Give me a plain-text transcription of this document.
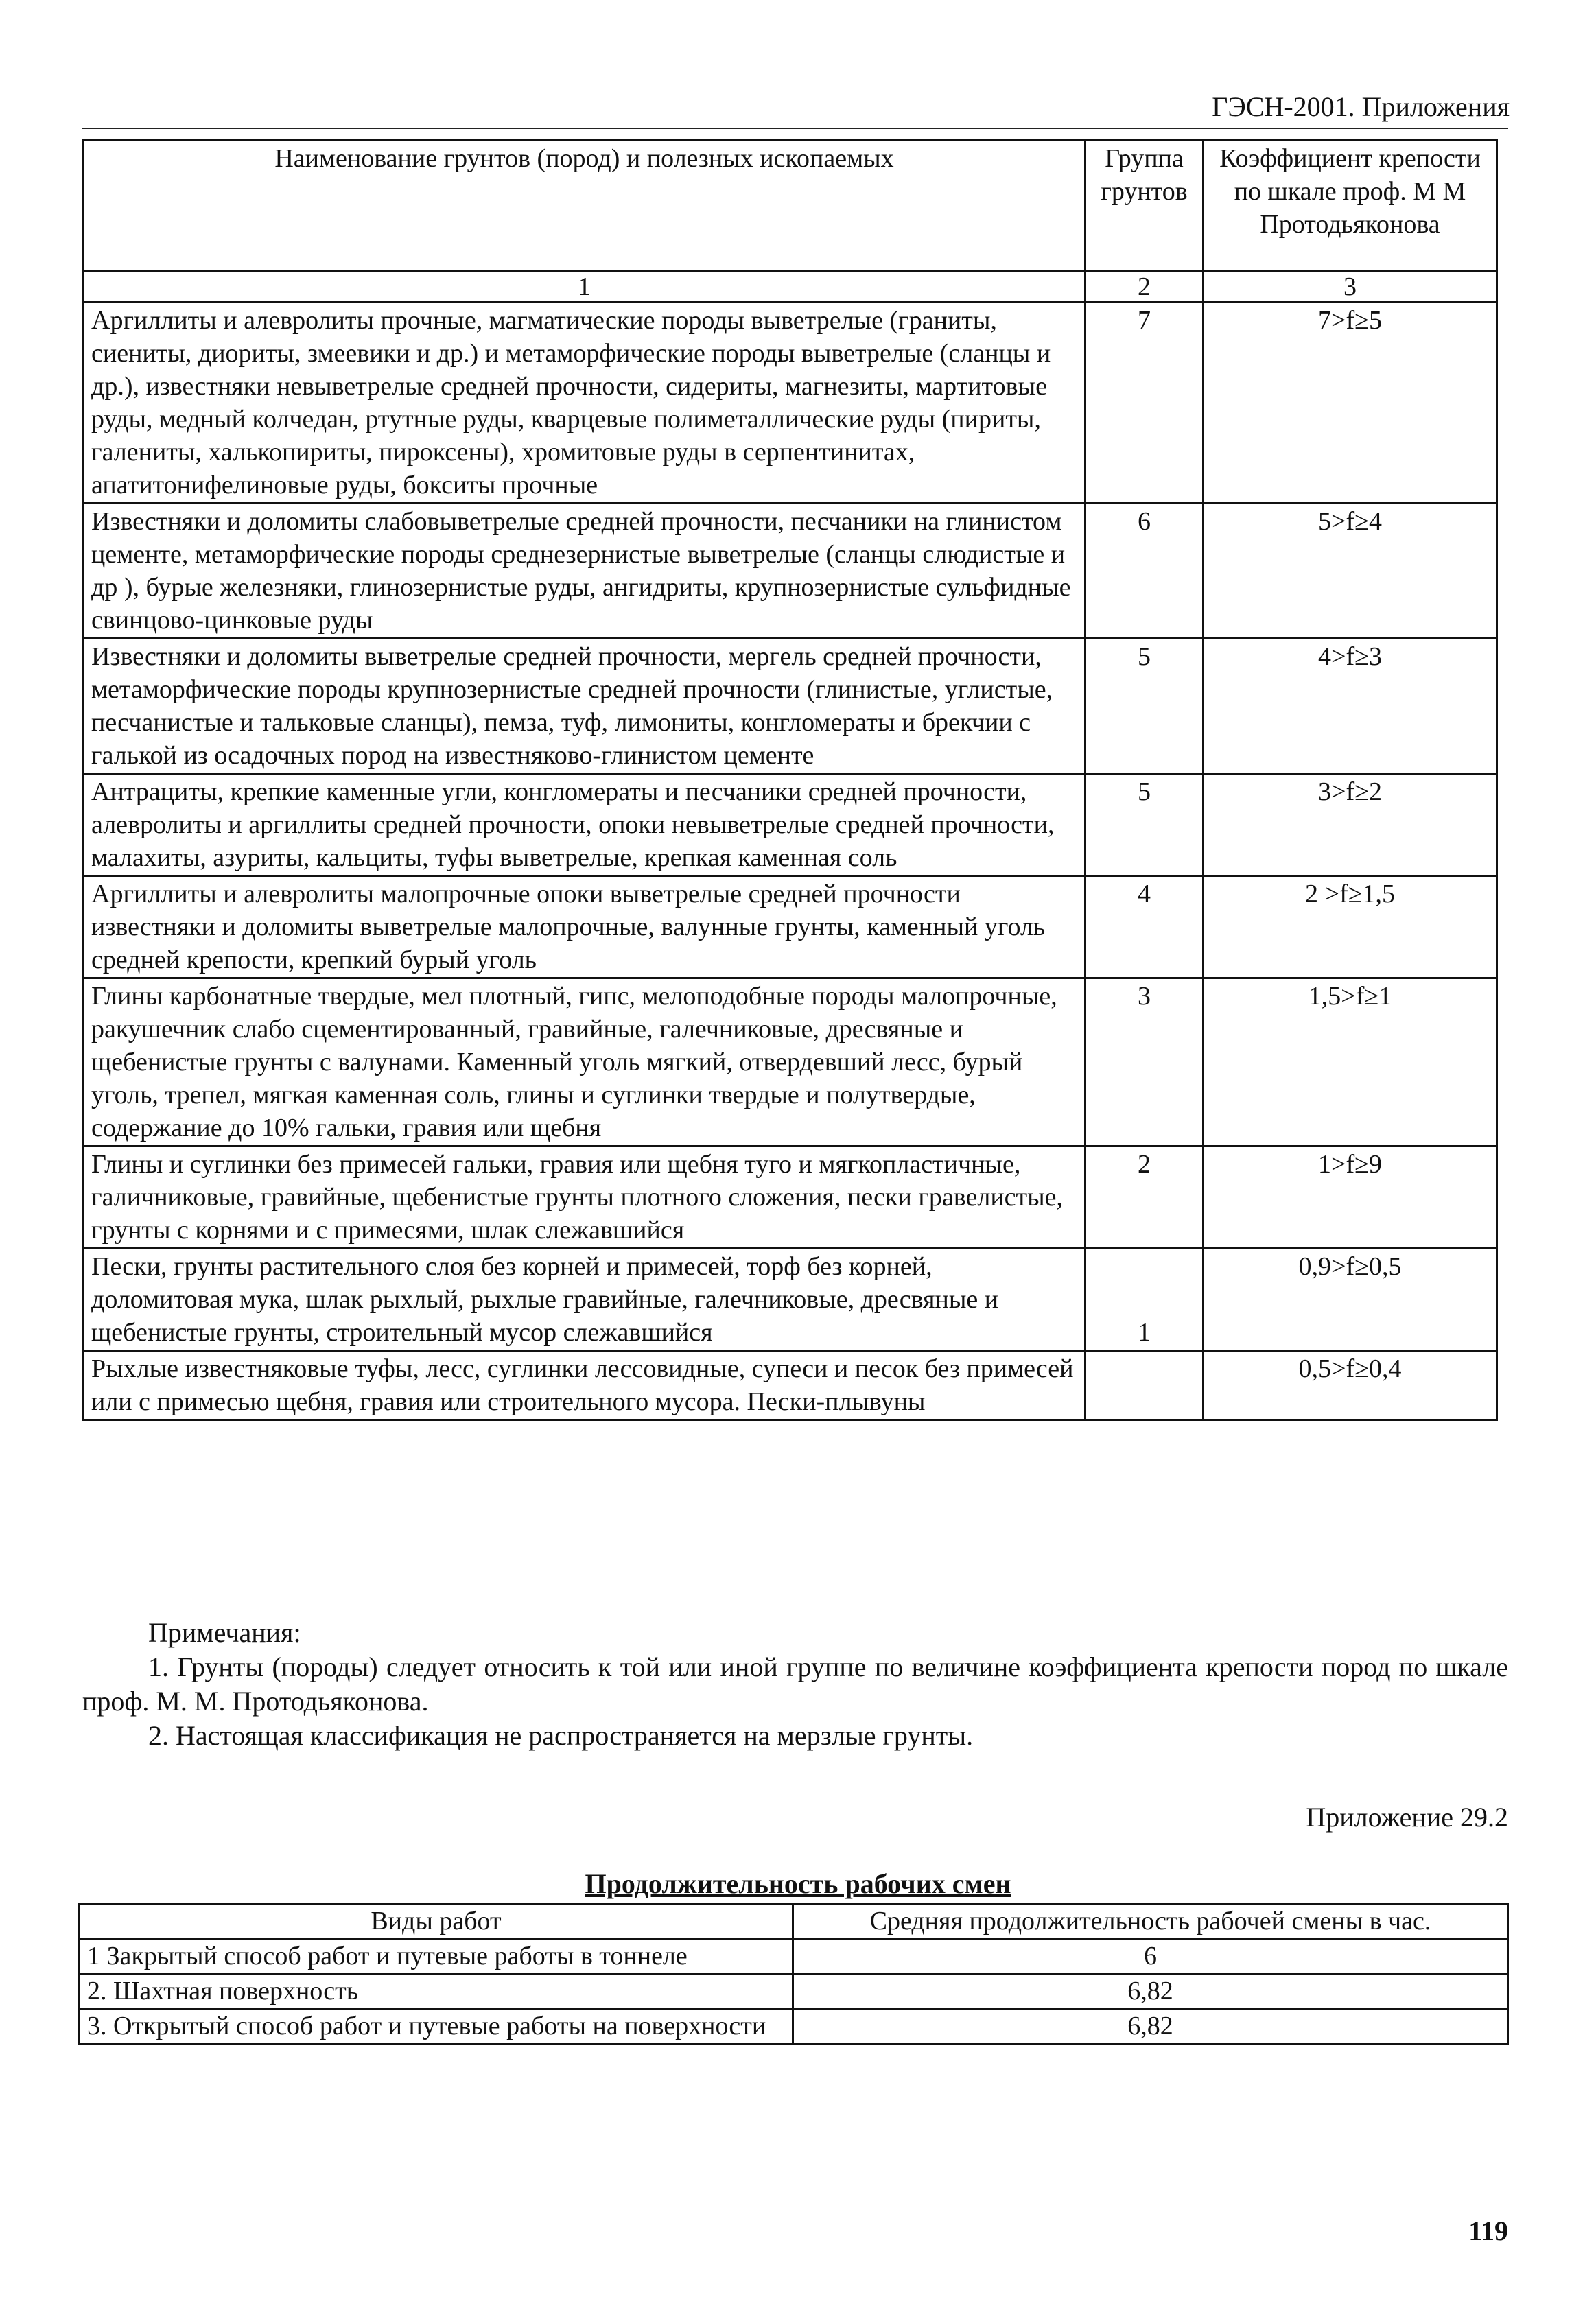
ГЭСН-2001. Приложения
Наименование грунтов (пород) и полезных ископаемых	Группа грунтов	Коэффициент крепости по шкале проф. М М Протодьяконова
1	2	3
Аргиллиты и алевролиты прочные, магматические породы выветрелые (граниты, сиениты, диориты, змеевики и др.) и метаморфические породы выветрелые (сланцы и др.), известняки невыветрелые средней прочности, сидериты, магнезиты, мартитовые руды, медный колчедан, ртутные руды, кварцевые полиметаллические руды (пириты, галениты, халькопириты, пироксены), хромитовые руды в серпентинитах, апатитонифелиновые руды, бокситы прочные	7	7>f≥5
Известняки и доломиты слабовыветрелые средней прочности, песчаники на глинистом цементе, метаморфические породы среднезернистые выветрелые (сланцы слюдистые и др ), бурые железняки, глинозернистые руды, ангидриты, крупнозернистые сульфидные свинцово-цинковые руды	6	5>f≥4
Известняки и доломиты выветрелые средней прочности, мергель средней прочности, метаморфические породы крупнозернистые средней прочности (глинистые, углистые, песчанистые и тальковые сланцы), пемза, туф, лимониты, конгломераты и брекчии с галькой из осадочных пород на известняково-глинистом цементе	5	4>f≥3
Антрациты, крепкие каменные угли, конгломераты и песчаники средней прочности, алевролиты и аргиллиты средней прочности, опоки невыветрелые средней прочности, малахиты, азуриты, кальциты, туфы выветрелые, крепкая каменная соль	5	3>f≥2
Аргиллиты и алевролиты малопрочные опоки выветрелые средней прочности известняки и доломиты выветрелые малопрочные, валунные грунты, каменный уголь средней крепости, крепкий бурый уголь	4	2 >f≥1,5
Глины карбонатные твердые, мел плотный, гипс, мелоподобные породы малопрочные, ракушечник слабо сцементированный, гравийные, галечниковые, дресвяные и щебенистые грунты с валунами. Каменный уголь мягкий, отвердевший лесс, бурый уголь, трепел, мягкая каменная соль, глины и суглинки твердые и полутвердые, содержание до 10% гальки, гравия или щебня	3	1,5>f≥1
Глины и суглинки без примесей гальки, гравия или щебня туго и мягкопластичные, галичниковые, гравийные, щебенистые грунты плотного сложения, пески гравелистые, грунты с корнями и с примесями, шлак слежавшийся	2	1>f≥9
Пески, грунты растительного слоя без корней и примесей, торф без корней, доломитовая мука, шлак рыхлый, рыхлые гравийные, галечниковые, дресвяные и щебенистые грунты, строительный мусор слежавшийся	1	0,9>f≥0,5
Рыхлые известняковые туфы, лесс, суглинки лессовидные, супеси и песок без примесей или с примесью щебня, гравия или строительного мусора. Пески-плывуны		0,5>f≥0,4

Примечания:

1. Грунты (породы) следует относить к той или иной группе по величине коэффициента крепости пород по шкале проф. М. М. Протодьяконова.

2. Настоящая классификация не распространяется на мерзлые грунты.

Приложение 29.2
Продолжительность рабочих смен
Виды работ	Средняя продолжительность рабочей смены в час.
1 Закрытый способ работ и путевые работы в тоннеле	6
2. Шахтная поверхность	6,82
3. Открытый способ работ и путевые работы на поверхности	6,82
119
